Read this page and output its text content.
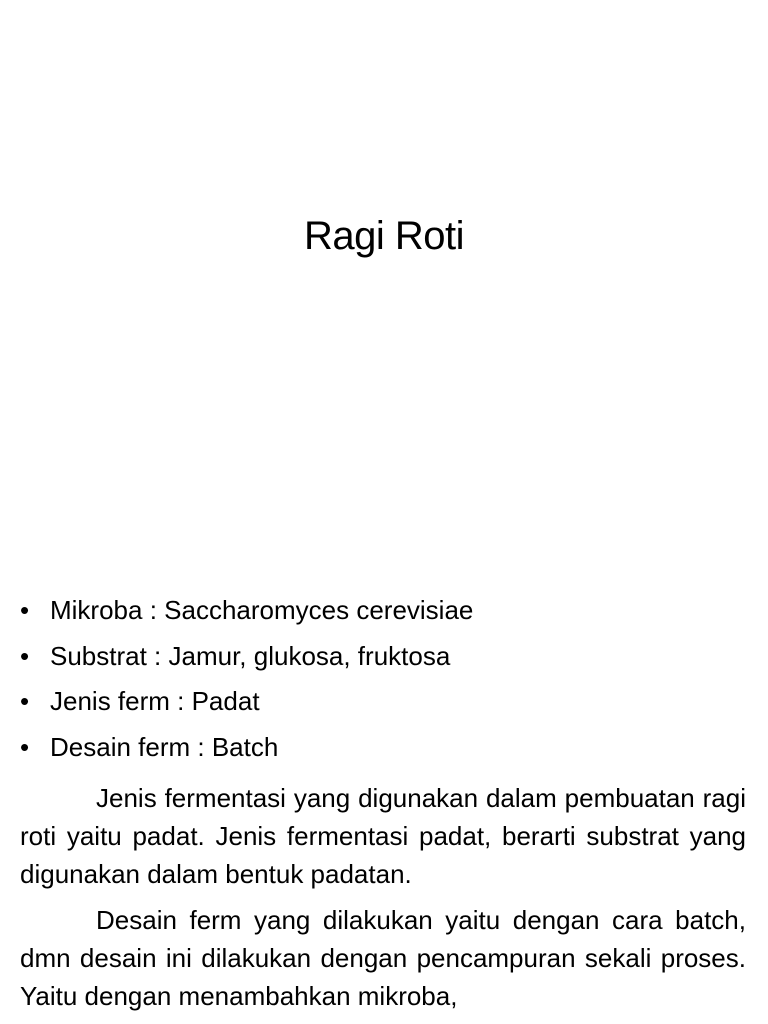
Ragi Roti
• Mikroba : Saccharomyces cerevisiae
• Substrat : Jamur, glukosa, fruktosa
• Jenis ferm : Padat
• Desain ferm : Batch

Jenis fermentasi yang digunakan dalam pembuatan ragi roti yaitu padat. Jenis fermentasi padat, berarti substrat yang digunakan dalam bentuk padatan.

Desain ferm yang dilakukan yaitu dengan cara batch, dmn desain ini dilakukan dengan pencampuran sekali proses. Yaitu dengan menambahkan mikroba,
